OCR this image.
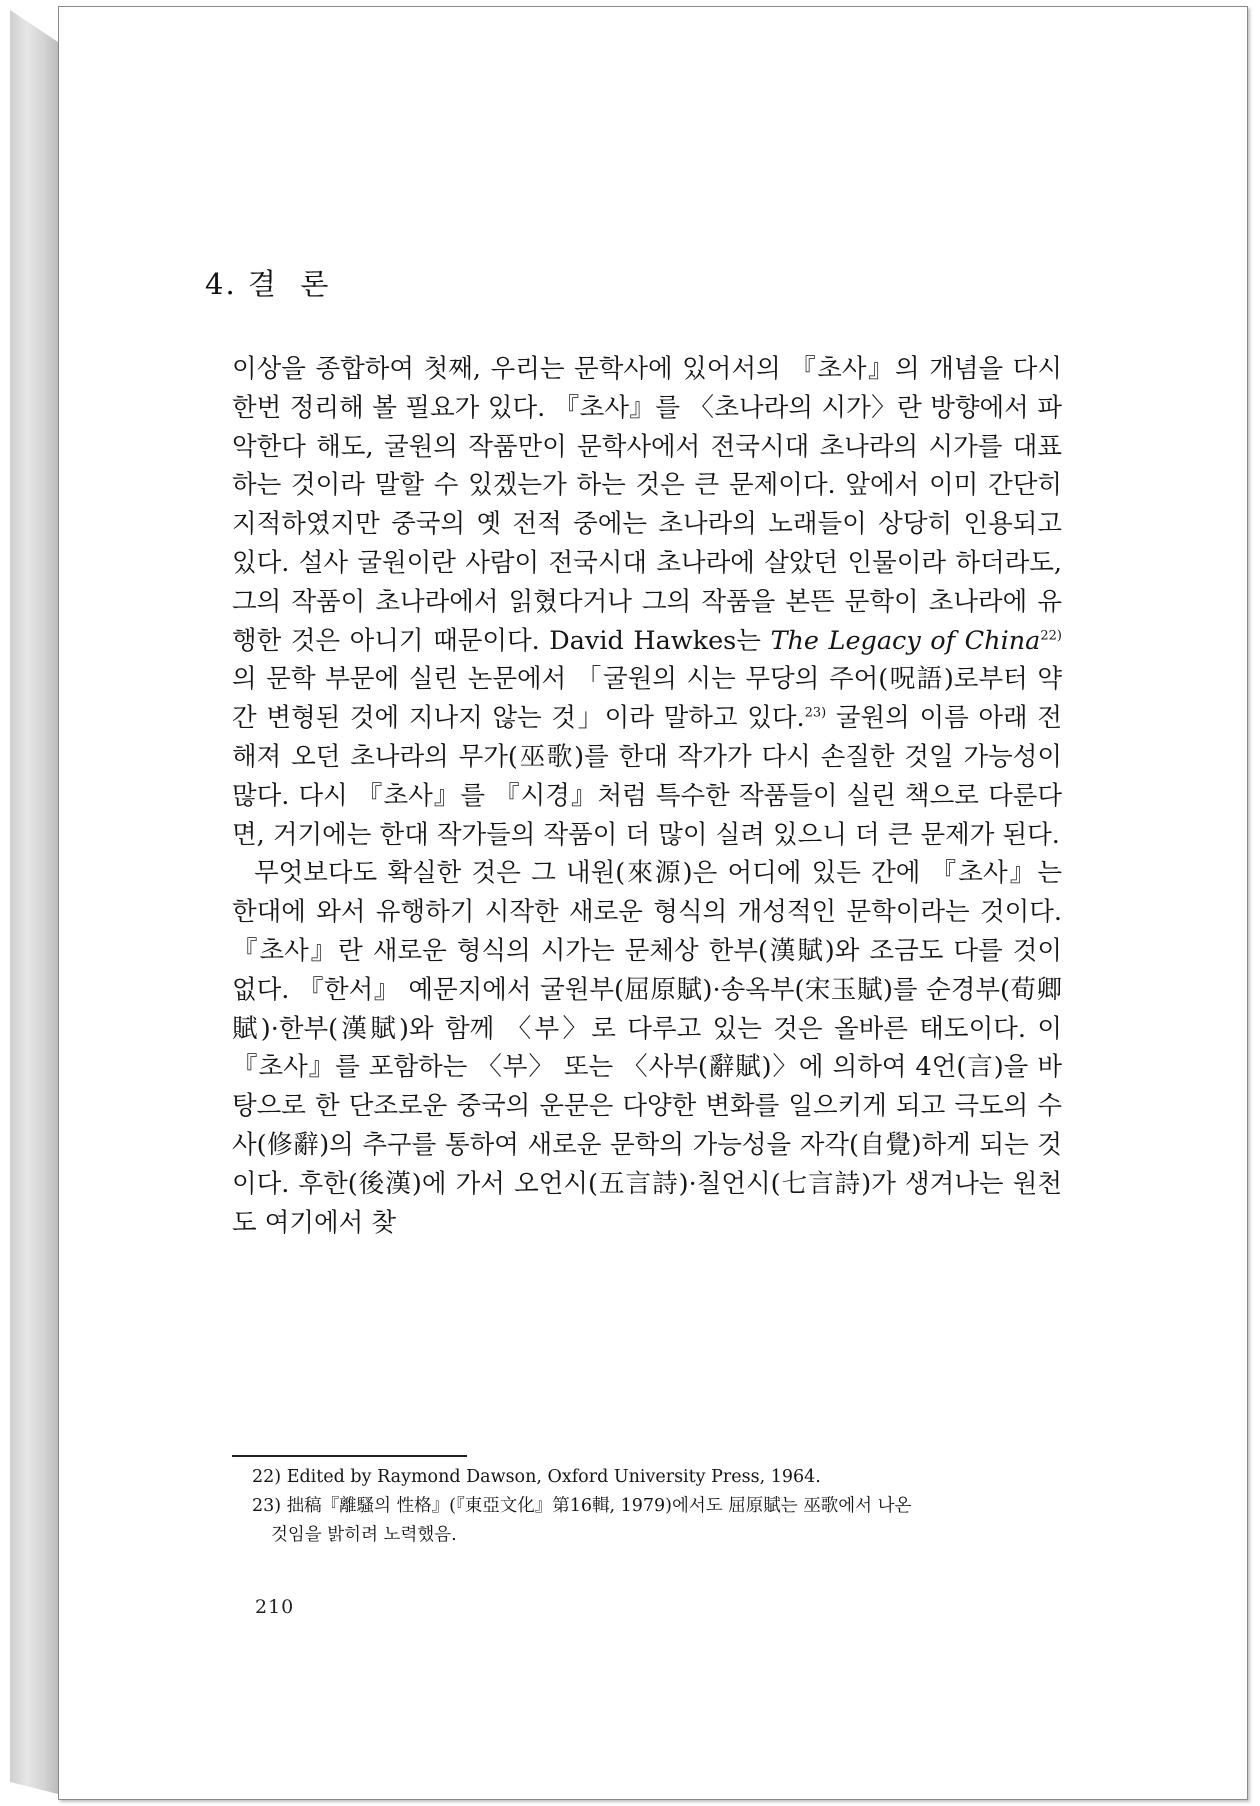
4. 결  론

이상을 종합하여 첫째, 우리는 문학사에 있어서의 『초사』의 개념을 다시 한번 정리해 볼 필요가 있다. 『초사』를 〈초나라의 시가〉란 방향에서 파악한다 해도, 굴원의 작품만이 문학사에서 전국시대 초나라의 시가를 대표하는 것이라 말할 수 있겠는가 하는 것은 큰 문제이다. 앞에서 이미 간단히 지적하였지만 중국의 옛 전적 중에는 초나라의 노래들이 상당히 인용되고 있다. 설사 굴원이란 사람이 전국시대 초나라에 살았던 인물이라 하더라도, 그의 작품이 초나라에서 읽혔다거나 그의 작품을 본뜬 문학이 초나라에 유행한 것은 아니기 때문이다. David Hawkes는 The Legacy of China$^{22)}$의 문학 부문에 실린 논문에서 「굴원의 시는 무당의 주어(呪語)로부터 약간 변형된 것에 지나지 않는 것」이라 말하고 있다.$^{23)}$ 굴원의 이름 아래 전해져 오던 초나라의 무가(巫歌)를 한대 작가가 다시 손질한 것일 가능성이 많다. 다시 『초사』를 『시경』처럼 특수한 작품들이 실린 책으로 다룬다면, 거기에는 한대 작가들의 작품이 더 많이 실려 있으니 더 큰 문제가 된다.

무엇보다도 확실한 것은 그 내원(來源)은 어디에 있든 간에 『초사』는 한대에 와서 유행하기 시작한 새로운 형식의 개성적인 문학이라는 것이다. 『초사』란 새로운 형식의 시가는 문체상 한부(漢賦)와 조금도 다를 것이 없다. 『한서』 예문지에서 굴원부(屈原賦)·송옥부(宋玉賦)를 순경부(荀卿賦)·한부(漢賦)와 함께 〈부〉로 다루고 있는 것은 올바른 태도이다. 이 『초사』를 포함하는 〈부〉 또는 〈사부(辭賦)〉에 의하여 4언(言)을 바탕으로 한 단조로운 중국의 운문은 다양한 변화를 일으키게 되고 극도의 수사(修辭)의 추구를 통하여 새로운 문학의 가능성을 자각(自覺)하게 되는 것이다. 후한(後漢)에 가서 오언시(五言詩)·칠언시(七言詩)가 생겨나는 원천도 여기에서 찾

22) Edited by Raymond Dawson, Oxford University Press, 1964.

23) 拙稿『離騷의 性格』(『東亞文化』第16輯, 1979)에서도 屈原賦는 巫歌에서 나온
것임을 밝히려 노력했음.

210
